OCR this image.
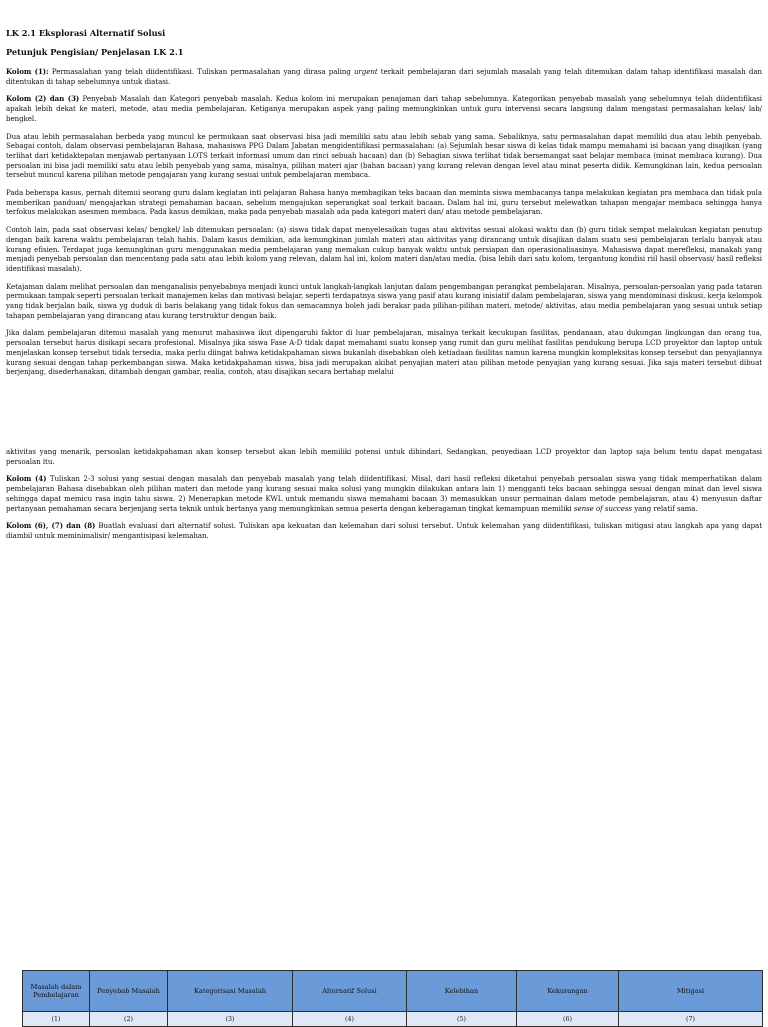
LK 2.1 Eksplorasi Alternatif Solusi
Petunjuk Pengisian/ Penjelasan LK 2.1

Kolom (1): Permasalahan yang telah diidentifikasi. Tuliskan permasalahan yang dirasa paling urgent terkait pembelajaran dari sejumlah masalah yang telah ditemukan dalam tahap identifikasi masalah dan ditentukan di tahap sebelumnya untuk diatasi.

Kolom (2) dan (3) Penyebab Masalah dan Kategori penyebab masalah. Kedua kolom ini merupakan penajaman dari tahap sebelumnya. Kategorikan penyebab masalah yang sebelumnya telah diidentifikasi apakah lebih dekat ke materi, metode, atau media pembelajaran. Ketiganya merupakan aspek yang paling memungkinkan untuk guru intervensi secara langsung dalam mengatasi permasalahan kelas/ lab/ bengkel.

Dua atau lebih permasalahan berbeda yang muncul ke permukaan saat observasi bisa jadi memiliki satu atau lebih sebab yang sama. Sebaliknya, satu permasalahan dapat memiliki dua atau lebih penyebab. Sebagai contoh, dalam observasi pembelajaran Bahasa, mahasiswa PPG Dalam Jabatan mengidentifikasi permasalahan: (a) Sejumlah besar siswa di kelas tidak mampu memahami isi bacaan yang disajikan (yang terlihat dari ketidaktepatan menjawab pertanyaan LOTS terkait informasi umum dan rinci sebuah bacaan) dan (b) Sebagian siswa terlihat tidak bersemangat saat belajar membaca (minat membaca kurang). Dua persoalan ini bisa jadi memiliki satu atau lebih penyebab yang sama, misalnya, pilihan materi ajar (bahan bacaan) yang kurang relevan dengan level atau minat peserta didik. Kemungkinan lain, kedua persoalan tersebut muncul karena pilihan metode pengajaran yang kurang sesuai untuk pembelajaran membaca.

Pada beberapa kasus, pernah ditemui seorang guru dalam kegiatan inti pelajaran Bahasa hanya membagikan teks bacaan dan meminta siswa membacanya tanpa melakukan kegiatan pra membaca dan tidak pula memberikan panduan/ mengajarkan strategi pemahaman bacaan, sebelum mengajukan seperangkat soal terkait bacaan. Dalam hal ini, guru tersebut melewatkan tahapan mengajar membaca sehingga hanya terfokus melakukan asesmen membaca. Pada kasus demikian, maka pada penyebab masalah ada pada kategori materi dan/ atau metode pembelajaran.

Contoh lain, pada saat observasi kelas/ bengkel/ lab ditemukan persoalan: (a) siswa tidak dapat menyelesaikan tugas atau aktivitas sesuai alokasi waktu dan (b) guru tidak sempat melakukan kegiatan penutup dengan baik karena waktu pembelajaran telah habis. Dalam kasus demikian, ada kemungkinan jumlah materi atau aktivitas yang dirancang untuk disajikan dalam suatu sesi pembelajaran terlalu banyak atau kurang efisien. Terdapat juga kemungkinan guru menggunakan media pembelajaran yang memakan cukup banyak waktu untuk persiapan dan operasionalisasinya. Mahasiswa dapat merefleksi, manakah yang menjadi penyebab persoalan dan mencentang pada satu atau lebih kolom yang relevan, dalam hal ini, kolom materi dan/atau media. (bisa lebih dari satu kolom, tergantung kondisi riil hasil observasi/ hasil refleksi identifikasi masalah).

Ketajaman dalam melihat persoalan dan menganalisis penyebabnya menjadi kunci untuk langkah-langkah lanjutan dalam pengembangan perangkat pembelajaran. Misalnya, persoalan-persoalan yang pada tataran permukaan tampak seperti persoalan terkait manajemen kelas dan motivasi belajar, seperti terdapatnya siswa yang pasif atau kurang inisiatif dalam pembelajaran, siswa yang mendominasi diskusi, kerja kelompok yang tidak berjalan baik, siswa yg duduk di baris belakang yang tidak fokus dan semacamnya boleh jadi berakar pada pilihan-pilihan materi, metode/ aktivitas, atau media pembelajaran yang sesuai untuk setiap tahapan pembelajaran yang dirancang atau kurang terstruktur dengan baik.

Jika dalam pembelajaran ditemui masalah yang menurut mahasiswa ikut dipengaruhi faktor di luar pembelajaran, misalnya terkait kecukupan fasilitas, pendanaan, atau dukungan lingkungan dan orang tua, persoalan tersebut harus disikapi secara profesional. Misalnya jika siswa Fase A-D tidak dapat memahami suatu konsep yang rumit dan guru melihat fasilitas pendukung berupa LCD proyektor dan laptop untuk menjelaskan konsep tersebut tidak tersedia, maka perlu diingat bahwa ketidakpahaman siswa bukanlah disebabkan oleh ketiadaan fasilitas namun karena mungkin kompleksitas konsep tersebut dan penyajiannya kurang sesuai dengan tahap perkembangan siswa. Maka ketidakpahaman siswa, bisa jadi merupakan akibat penyajian materi atau pilihan metode penyajian yang kurang sesuai. Jika saja materi tersebut dibuat berjenjang, disederhanakan, ditambah dengan gambar, realia, contoh, atau disajikan secara bertahap melalui

aktivitas yang menarik, persoalan ketidakpahaman akan konsep tersebut akan lebih memiliki potensi untuk dihindari. Sedangkan, penyediaan LCD proyektor dan laptop saja belum tentu dapat mengatasi persoalan itu.

Kolom (4) Tuliskan 2-3 solusi yang sesuai dengan masalah dan penyebab masalah yang telah diidentifikasi. Misal, dari hasil refleksi diketahui penyebab persoalan siswa yang tidak memperhatikan dalam pembelajaran Bahasa disebabkan oleh pilihan materi dan metode yang kurang sesuai maka solusi yang mungkin dilakukan antara lain 1) mengganti teks bacaan sehingga sesuai dengan minat dan level siswa sehingga dapat memicu rasa ingin tahu siswa. 2) Menerapkan metode KWL untuk memandu siswa memahami bacaan 3) memasukkan unsur permainan dalam metode pembelajaran, atau 4) menyusun daftar pertanyaan pemahaman secara berjenjang serta teknik untuk bertanya yang memungkinkan semua peserta dengan keberagaman tingkat kemampuan memiliki sense of success yang relatif sama.

Kolom (6), (7) dan (8) Buatlah evaluasi dari alternatif solusi. Tuliskan apa kekuatan dan kelemahan dari solusi tersebut. Untuk kelemahan yang diidentifikasi, tuliskan mitigasi atau langkah apa yang dapat diambil untuk meminimalisir/ mengantisipasi kelemahan.

Masalah dalam Pembelajaran	Penyebab Masalah	Kategorisasi Masalah	Alternatif Solusi	Kelebihan	Kekurangan	Mitigasi
(1)	(2)	(3)	(4)	(5)	(6)	(7)
